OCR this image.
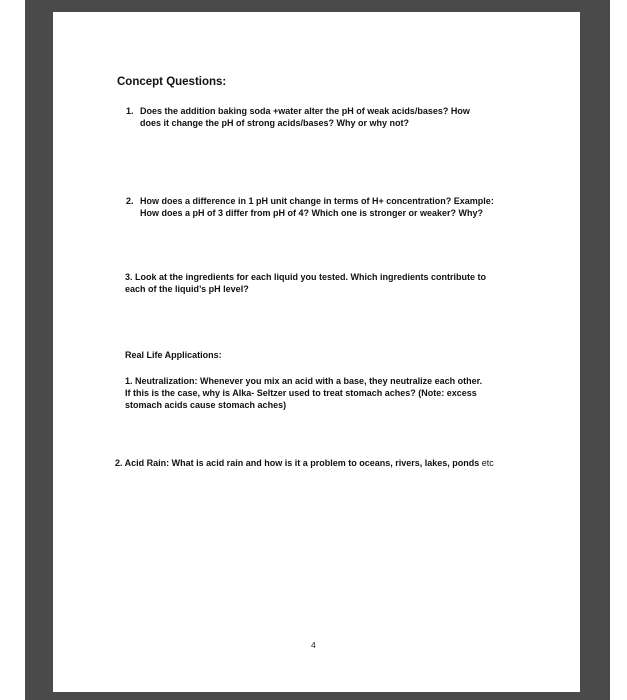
Concept Questions:
1. Does the addition baking soda +water alter the pH of weak acids/bases? How
does it change the pH of strong acids/bases? Why or why not?
2. How does a difference in 1 pH unit change in terms of H+ concentration? Example:
How does a pH of 3 differ from pH of 4? Which one is stronger or weaker? Why?
3. Look at the ingredients for each liquid you tested. Which ingredients contribute to
each of the liquid’s pH level?
Real Life Applications:
1. Neutralization: Whenever you mix an acid with a base, they neutralize each other.
If this is the case, why is Alka- Seltzer used to treat stomach aches? (Note: excess
stomach acids cause stomach aches)
2. Acid Rain: What is acid rain and how is it a problem to oceans, rivers, lakes, ponds etc
4
